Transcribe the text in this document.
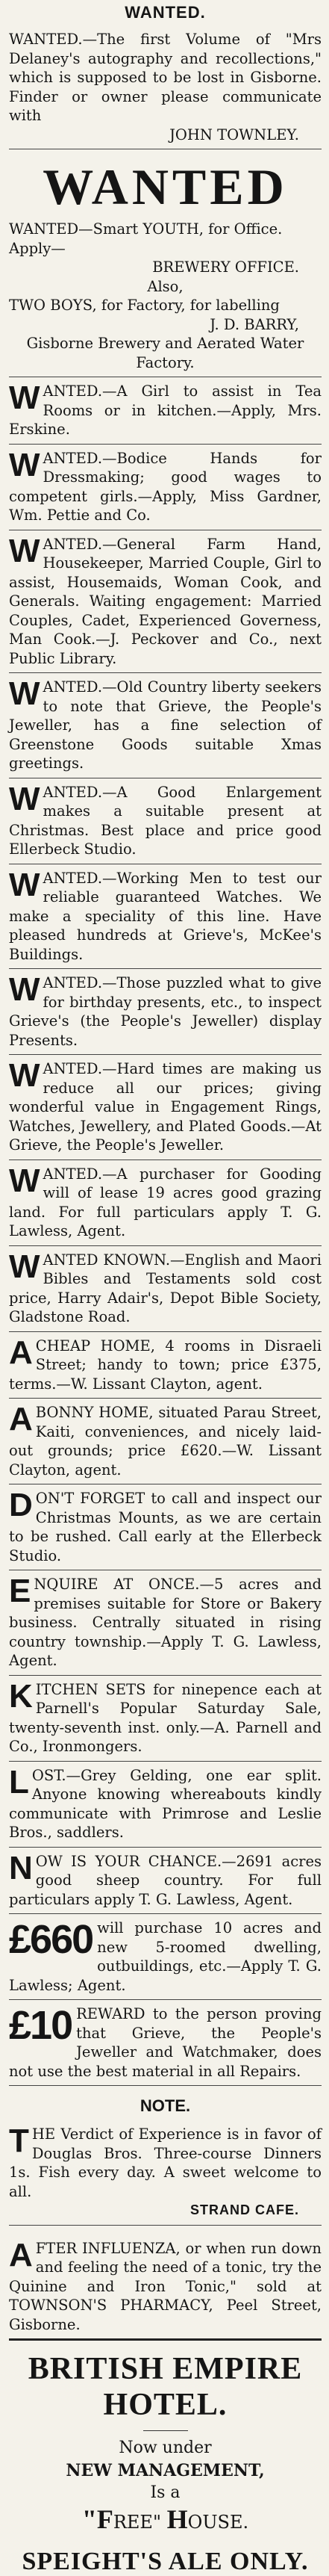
WANTED.
WANTED.—The first Volume of "Mrs Delaney's autography and recollections," which is supposed to be lost in Gisborne. Finder or owner please communicate with

JOHN TOWNLEY.

WANTED

WANTED—Smart YOUTH, for Office.

Apply—

BREWERY OFFICE.

Also,

TWO BOYS, for Factory, for labelling

J. D. BARRY,

Gisborne Brewery and Aerated Water Factory.

WANTED.—A Girl to assist in Tea Rooms or in kitchen.—Apply, Mrs. Erskine.
WANTED.—Bodice Hands for Dressmaking; good wages to competent girls.—Apply, Miss Gardner, Wm. Pettie and Co.
WANTED.—General Farm Hand, Housekeeper, Married Couple, Girl to assist, Housemaids, Woman Cook, and Generals. Waiting engagement: Married Couples, Cadet, Experienced Governess, Man Cook.—J. Peckover and Co., next Public Library.
WANTED.—Old Country liberty seekers to note that Grieve, the People's Jeweller, has a fine selection of Greenstone Goods suitable Xmas greetings.
WANTED.—A Good Enlargement makes a suitable present at Christmas. Best place and price good Ellerbeck Studio.
WANTED.—Working Men to test our reliable guaranteed Watches. We make a speciality of this line. Have pleased hundreds at Grieve's, McKee's Buildings.
WANTED.—Those puzzled what to give for birthday presents, etc., to inspect Grieve's (the People's Jeweller) display Presents.
WANTED.—Hard times are making us reduce all our prices; giving wonderful value in Engagement Rings, Watches, Jewellery, and Plated Goods.—At Grieve, the People's Jeweller.
WANTED.—A purchaser for Gooding will of lease 19 acres good grazing land. For full particulars apply T. G. Lawless, Agent.
WANTED KNOWN.—English and Maori Bibles and Testaments sold cost price, Harry Adair's, Depot Bible Society, Gladstone Road.
ACHEAP HOME, 4 rooms in Disraeli Street; handy to town; price £375, terms.—W. Lissant Clayton, agent.
ABONNY HOME, situated Parau Street, Kaiti, conveniences, and nicely laid-out grounds; price £620.—W. Lissant Clayton, agent.
DON'T FORGET to call and inspect our Christmas Mounts, as we are certain to be rushed. Call early at the Ellerbeck Studio.
ENQUIRE AT ONCE.—5 acres and premises suitable for Store or Bakery business. Centrally situated in rising country township.—Apply T. G. Lawless, Agent.
KITCHEN SETS for ninepence each at Parnell's Popular Saturday Sale, twenty-seventh inst. only.—A. Parnell and Co., Ironmongers.
LOST.—Grey Gelding, one ear split. Anyone knowing whereabouts kindly communicate with Primrose and Leslie Bros., saddlers.
NOW IS YOUR CHANCE.—2691 acres good sheep country. For full particulars apply T. G. Lawless, Agent.
£660 will purchase 10 acres and new 5-roomed dwelling, outbuildings, etc.—Apply T. G. Lawless; Agent.
£10 REWARD to the person proving that Grieve, the People's Jeweller and Watchmaker, does not use the best material in all Repairs.
NOTE.
T HE Verdict of Experience is in favor of Douglas Bros. Three-course Dinners 1s. Fish every day. A sweet welcome to all.
STRAND CAFE.
A FTER INFLUENZA, or when run down and feeling the need of a tonic, try the Quinine and Iron Tonic," sold at TOWNSON'S PHARMACY, Peel Street, Gisborne.
BRITISH EMPIRE
HOTEL.
Now under
NEW MANAGEMENT,
Is a
"FREE" HOUSE.
SPEIGHT'S ALE ONLY.
